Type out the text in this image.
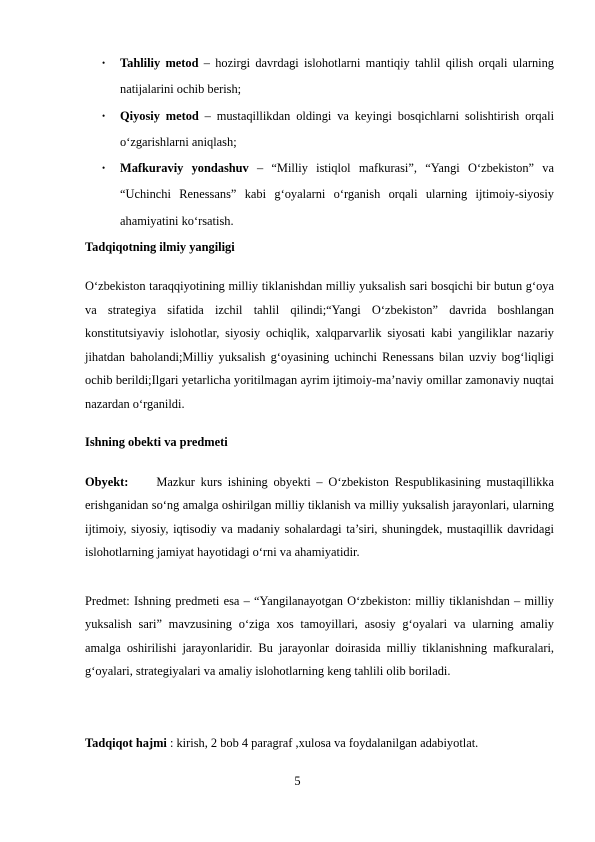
• Tahliliy metod – hozirgi davrdagi islohotlarni mantiqiy tahlil qilish orqali ularning natijalarini ochib berish;
• Qiyosiy metod – mustaqillikdan oldingi va keyingi bosqichlarni solishtirish orqali o‘zgarishlarni aniqlash;
• Mafkuraviy yondashuv – “Milliy istiqlol mafkurasi”, “Yangi O‘zbekiston” va “Uchinchi Renessans” kabi g‘oyalarni o‘rganish orqali ularning ijtimoiy-siyosiy ahamiyatini ko‘rsatish.
Tadqiqotning ilmiy yangiligi
O‘zbekiston taraqqiyotining milliy tiklanishdan milliy yuksalish sari bosqichi bir butun g‘oya va strategiya sifatida izchil tahlil qilindi;“Yangi O‘zbekiston” davrida boshlangan konstitutsiyaviy islohotlar, siyosiy ochiqlik, xalqparvarlik siyosati kabi yangiliklar nazariy jihatdan baholandi;Milliy yuksalish g‘oyasining uchinchi Renessans bilan uzviy bog‘liqligi ochib berildi;Ilgari yetarlicha yoritilmagan ayrim ijtimoiy-ma’naviy omillar zamonaviy nuqtai nazardan o‘rganildi.
Ishning obekti va predmeti
Obyekt: Mazkur kurs ishining obyekti – O‘zbekiston Respublikasining mustaqillikka erishganidan so‘ng amalga oshirilgan milliy tiklanish va milliy yuksalish jarayonlari, ularning ijtimoiy, siyosiy, iqtisodiy va madaniy sohalardagi ta’siri, shuningdek, mustaqillik davridagi islohotlarning jamiyat hayotidagi o‘rni va ahamiyatidir.
Predmet: Ishning predmeti esa – “Yangilanayotgan O‘zbekiston: milliy tiklanishdan – milliy yuksalish sari” mavzusining o‘ziga xos tamoyillari, asosiy g‘oyalari va ularning amaliy amalga oshirilishi jarayonlaridir. Bu jarayonlar doirasida milliy tiklanishning mafkuralari, g‘oyalari, strategiyalari va amaliy islohotlarning keng tahlili olib boriladi.
Tadqiqot hajmi : kirish, 2 bob 4 paragraf ,xulosa va foydalanilgan adabiyotlat.
5
